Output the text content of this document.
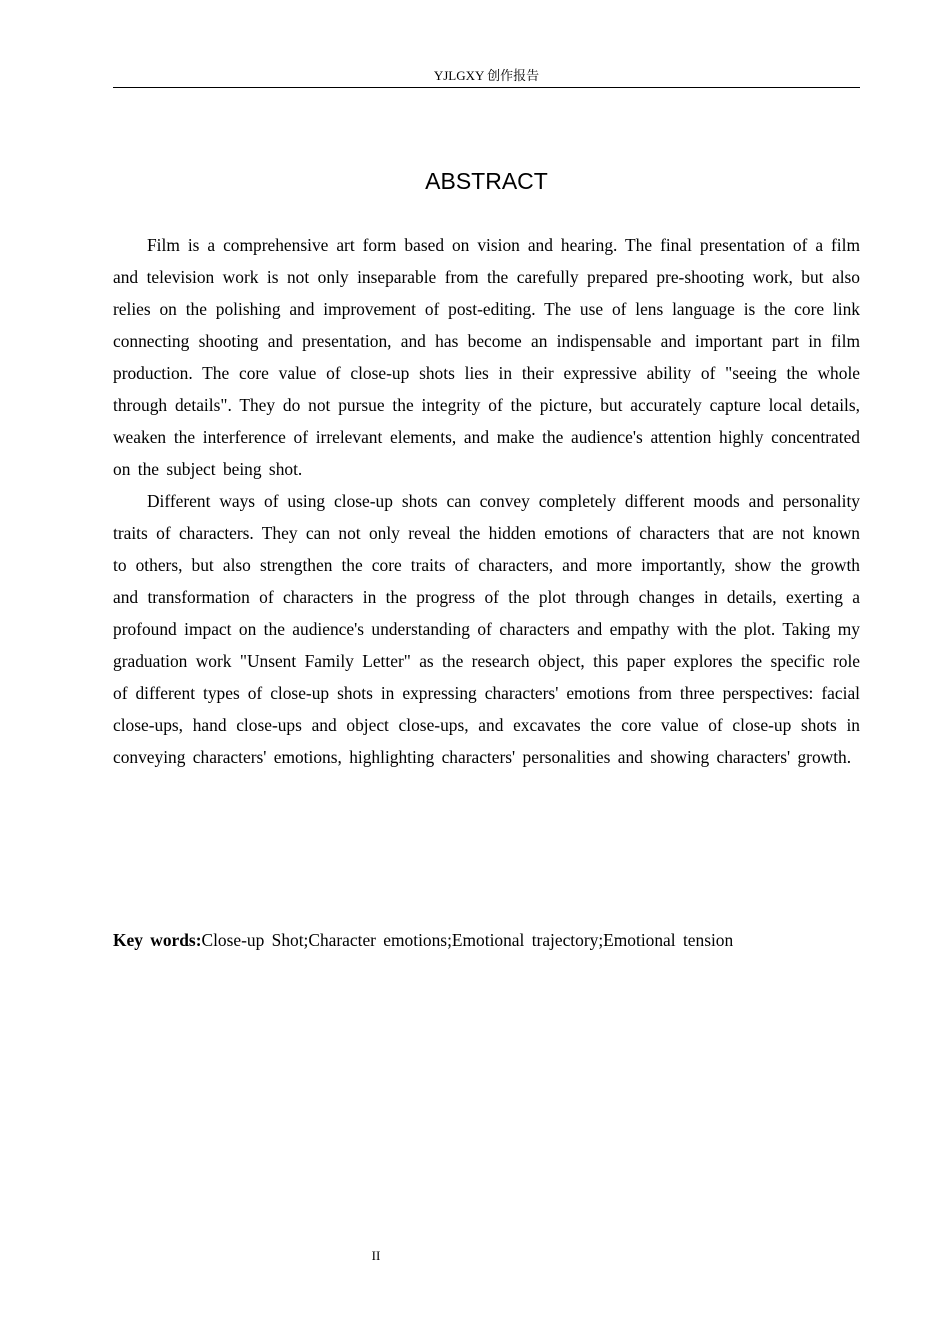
YJLGXY 创作报告
ABSTRACT

Film is a comprehensive art form based on vision and hearing. The final presentation of a film and television work is not only inseparable from the carefully prepared pre-shooting work, but also relies on the polishing and improvement of post-editing. The use of lens language is the core link connecting shooting and presentation, and has become an indispensable and important part in film production. The core value of close-up shots lies in their expressive ability of "seeing the whole through details". They do not pursue the integrity of the picture, but accurately capture local details, weaken the interference of irrelevant elements, and make the audience's attention highly concentrated on the subject being shot.

Different ways of using close-up shots can convey completely different moods and personality traits of characters. They can not only reveal the hidden emotions of characters that are not known to others, but also strengthen the core traits of characters, and more importantly, show the growth and transformation of characters in the progress of the plot through changes in details, exerting a profound impact on the audience's understanding of characters and empathy with the plot. Taking my graduation work "Unsent Family Letter" as the research object, this paper explores the specific role of different types of close-up shots in expressing characters' emotions from three perspectives: facial close-ups, hand close-ups and object close-ups, and excavates the core value of close-up shots in conveying characters' emotions, highlighting characters' personalities and showing characters' growth.

Key words:Close-up Shot;Character emotions;Emotional trajectory;Emotional tension
II
